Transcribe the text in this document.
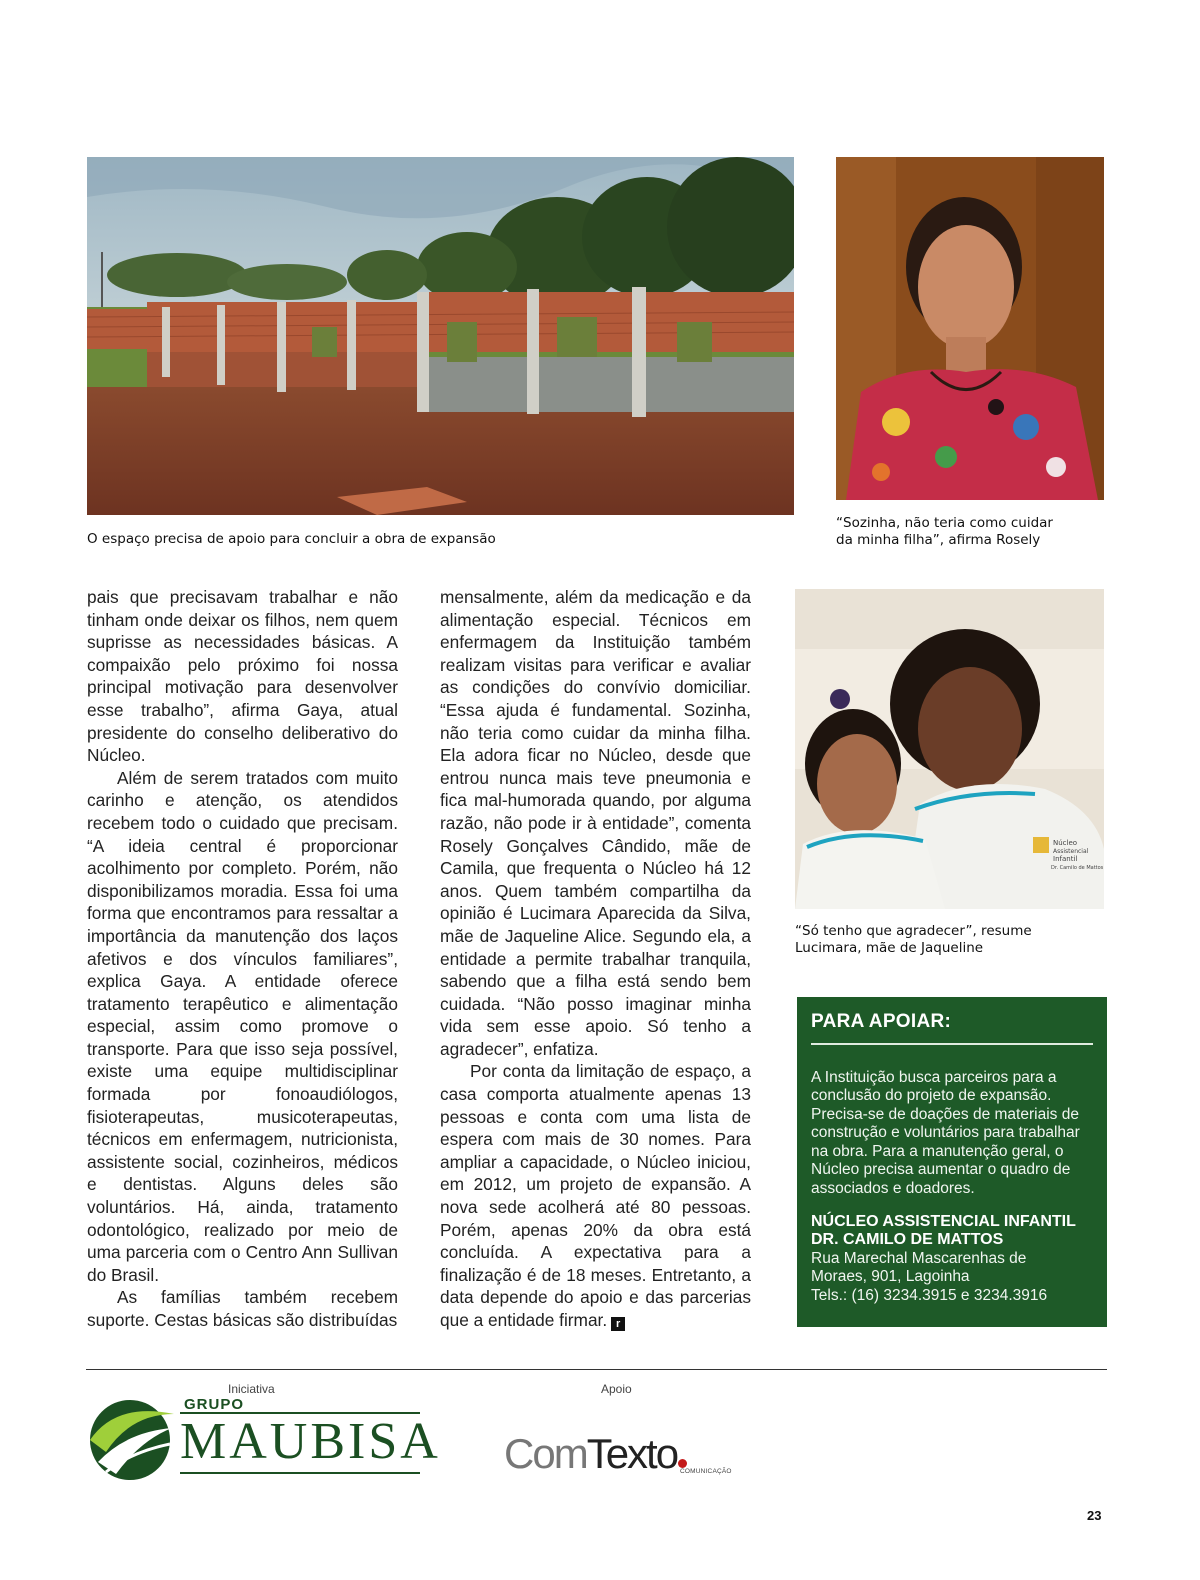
Núcleo
Assistencial
Infantil
Dr. Camilo de Mattos
O espaço precisa de apoio para concluir a obra de expansão
“Sozinha, não teria como cuidar
da minha filha”, afirma Rosely
“Só tenho que agradecer”, resume
Lucimara, mãe de Jaqueline

pais que precisavam trabalhar e não tinham onde deixar os filhos, nem quem suprisse as necessidades básicas. A compaixão pelo próximo foi nossa principal motivação para desenvolver esse trabalho”, afirma Gaya, atual presidente do conselho deliberativo do Núcleo.

Além de serem tratados com muito carinho e atenção, os atendidos recebem todo o cuidado que precisam. “A ideia central é proporcionar acolhimento por completo. Porém, não disponibilizamos moradia. Essa foi uma forma que encontramos para ressaltar a importância da manutenção dos laços afetivos e dos vínculos familiares”, explica Gaya. A entidade oferece tratamento terapêutico e alimentação especial, assim como promove o transporte. Para que isso seja possível, existe uma equipe multidisciplinar formada por fonoaudiólogos, fisioterapeutas, musicoterapeutas, técnicos em enfermagem, nutricionista, assistente social, cozinheiros, médicos e dentistas. Alguns deles são voluntários. Há, ainda, tratamento odontológico, realizado por meio de uma parceria com o Centro Ann Sullivan do Brasil.

As famílias também recebem suporte. Cestas básicas são distribuídas

mensalmente, além da medicação e da alimentação especial. Técnicos em enfermagem da Instituição também realizam visitas para verificar e avaliar as condições do convívio domiciliar. “Essa ajuda é fundamental. Sozinha, não teria como cuidar da minha filha. Ela adora ficar no Núcleo, desde que entrou nunca mais teve pneumonia e fica mal-humorada quando, por alguma razão, não pode ir à entidade”, comenta Rosely Gonçalves Cândido, mãe de Camila, que frequenta o Núcleo há 12 anos. Quem também compartilha da opinião é Lucimara Aparecida da Silva, mãe de Jaqueline Alice. Segundo ela, a entidade a permite trabalhar tranquila, sabendo que a filha está sendo bem cuidada. “Não posso imaginar minha vida sem esse apoio. Só tenho a agradecer”, enfatiza.

Por conta da limitação de espaço, a casa comporta atualmente apenas 13 pessoas e conta com uma lista de espera com mais de 30 nomes. Para ampliar a capacidade, o Núcleo iniciou, em 2012, um projeto de expansão. A nova sede acolherá até 80 pessoas. Porém, apenas 20% da obra está concluída. A expectativa para a finalização é de 18 meses. Entretanto, a data depende do apoio e das parcerias que a entidade firmar. r

PARA APOIAR:
A Instituição busca parceiros para a conclusão do projeto de expansão. Precisa-se de doações de materiais de construção e voluntários para trabalhar na obra. Para a manutenção geral, o Núcleo precisa aumentar o quadro de associados e doadores.
NÚCLEO ASSISTENCIAL INFANTIL
DR. CAMILO DE MATTOS
Rua Marechal Mascarenhas de
Moraes, 901, Lagoinha
Tels.: (16) 3234.3915 e 3234.3916
Iniciativa	Apoio
GRUPO
MAUBISA ComTexto COMUNICAÇÃO
23
